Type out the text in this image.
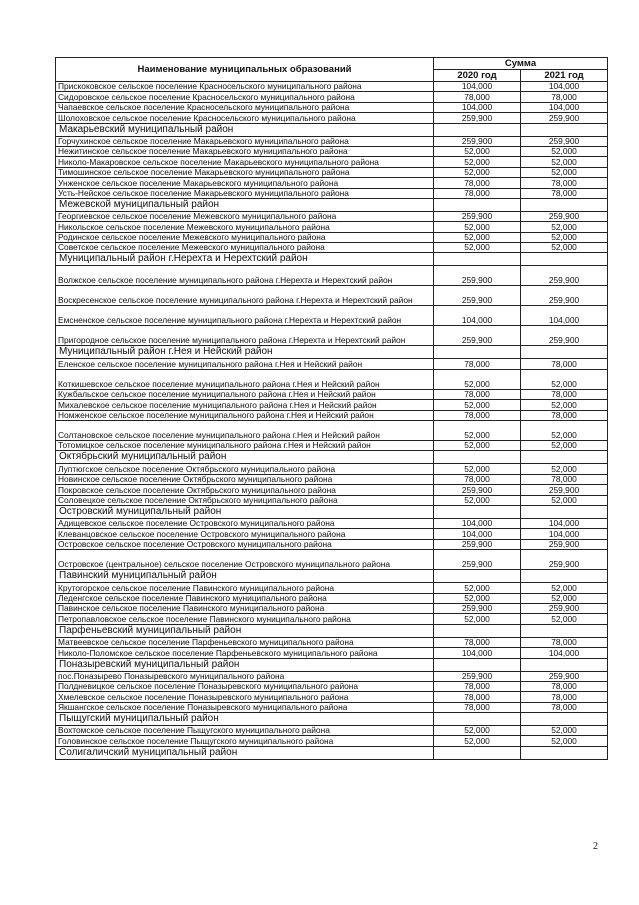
Наименование муниципальных образований	Сумма	
	2020 год	2021 год
Прискоковское сельское поселение Красносельского муниципального района	104,000	104,000
Сидоровское сельское поселение Красносельского муниципального района	78,000	78,000
Чапаевское сельское поселение Красносельского муниципального района	104,000	104,000
Шолоховское сельское поселение Красносельского муниципального района	259,900	259,900
Макарьевский муниципальный район		
Горчухинское сельское поселение Макарьевского муниципального района	259,900	259,900
Нежитинское сельское поселение Макарьевского муниципального района	52,000	52,000
Николо-Макаровское сельское поселение Макарьевского муниципального района	52,000	52,000
Тимошинское сельское поселение Макарьевского муниципального района	52,000	52,000
Унженское сельское поселение Макарьевского муниципального района	78,000	78,000
Усть-Нейское сельское поселение Макарьевского муниципального района	78,000	78,000
Межевской муниципальный район		
Георгиевское сельское поселение Межевского муниципального района	259,900	259,900
Никольское сельское поселение Межевского муниципального района	52,000	52,000
Родинское сельское поселение Межевского муниципального района	52,000	52,000
Советское сельское поселение Межевского муниципального района	52,000	52,000
Муниципальный район г.Нерехта и Нерехтский район		
Волжское сельское поселение муниципального района г.Нерехта и Нерехтский район	259,900	259,900
Воскресенское сельское поселение муниципального района г.Нерехта и Нерехтский район	259,900	259,900
Емсненское сельское поселение муниципального района г.Нерехта и Нерехтский район	104,000	104,000
Пригородное сельское поселение муниципального района г.Нерехта и Нерехтский район	259,900	259,900
Муниципальный район г.Нея и Нейский район		
Еленское сельское поселение муниципального района г.Нея и Нейский район	78,000	78,000
Коткишевское сельское поселение муниципального района г.Нея и Нейский район	52,000	52,000
Кужбальское сельское поселение муниципального района г.Нея и Нейский район	78,000	78,000
Михалевское сельское поселение муниципального района г.Нея и Нейский район	52,000	52,000
Номженское сельское поселение муниципального района г.Нея и Нейский район	78,000	78,000
Солтановское сельское поселение муниципального района г.Нея и Нейский район	52,000	52,000
Тотомицкое сельское поселение муниципального района г.Нея и Нейский район	52,000	52,000
Октябрьский муниципальный район		
Луптюгское сельское поселение Октябрьского муниципального района	52,000	52,000
Новинское сельское поселение Октябрьского муниципального района	78,000	78,000
Покровское сельское поселение Октябрьского муниципального района	259,900	259,900
Соловецкое сельское поселение Октябрьского муниципального района	52,000	52,000
Островский муниципальный район		
Адищевское сельское поселение Островского муниципального района	104,000	104,000
Клеванцовское сельское поселение Островского муниципального района	104,000	104,000
Островское сельское поселение Островского муниципального района	259,900	259,900
Островское (центральное) сельское поселение Островского муниципального района	259,900	259,900
Павинский муниципальный район		
Крутогорское сельское поселение Павинского муниципального района	52,000	52,000
Леденгское сельское поселение Павинского муниципального района	52,000	52,000
Павинское сельское поселение Павинского муниципального района	259,900	259,900
Петропавловское сельское поселение Павинского муниципального района	52,000	52,000
Парфеньевский муниципальный район		
Матвеевское сельское поселение Парфеньевского муниципального района	78,000	78,000
Николо-Поломское сельское поселение Парфеньевского муниципального района	104,000	104,000
Поназыревский муниципальный район		
пос.Поназырево Поназыревского муниципального района	259,900	259,900
Полдневицкое сельское поселение Поназыревского муниципального района	78,000	78,000
Хмелевское сельское поселение Поназыревского муниципального района	78,000	78,000
Якшангское сельское поселение Поназыревского муниципального района	78,000	78,000
Пыщугский муниципальный район		
Вохтомское сельское поселение Пыщугского муниципального района	52,000	52,000
Головинское сельское поселение Пыщугского муниципального района	52,000	52,000
Солигаличский муниципальный район		
2
